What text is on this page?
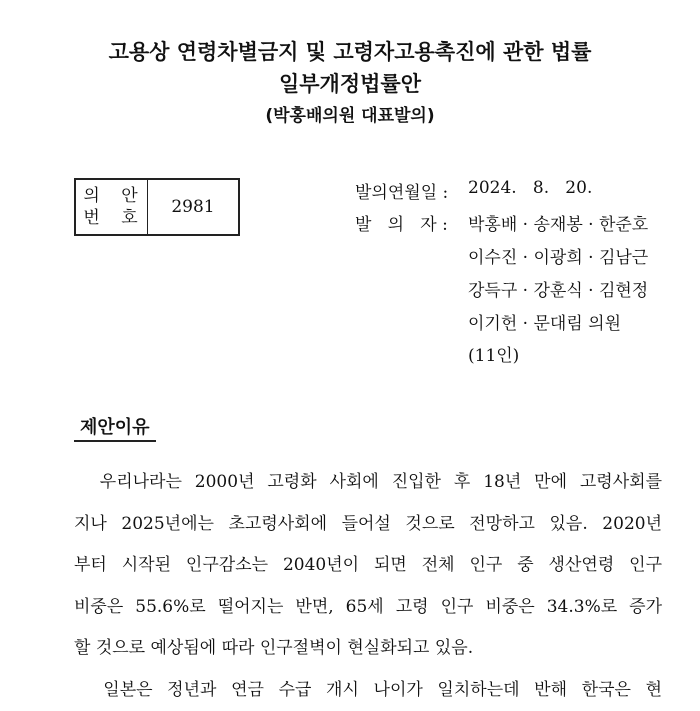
고용상 연령차별금지 및 고령자고용촉진에 관한 법률
일부개정법률안
(박홍배의원 대표발의)
의 안
번 호
2981
발의연월일 : 2024.   8.   20.
발   의   자 : 박홍배 · 송재봉 · 한준호
이수진 · 이광희 · 김남근
강득구 · 강훈식 · 김현정
이기헌 · 문대림 의원
(11인)
제안이유
우리나라는 2000년 고령화 사회에 진입한 후 18년 만에 고령사회를
지나 2025년에는 초고령사회에 들어설 것으로 전망하고 있음. 2020년
부터 시작된 인구감소는 2040년이 되면 전체 인구 중 생산연령 인구
비중은 55.6%로 떨어지는 반면, 65세 고령 인구 비중은 34.3%로 증가
할 것으로 예상됨에 따라 인구절벽이 현실화되고 있음.
일본은 정년과 연금 수급 개시 나이가 일치하는데 반해 한국은 현
